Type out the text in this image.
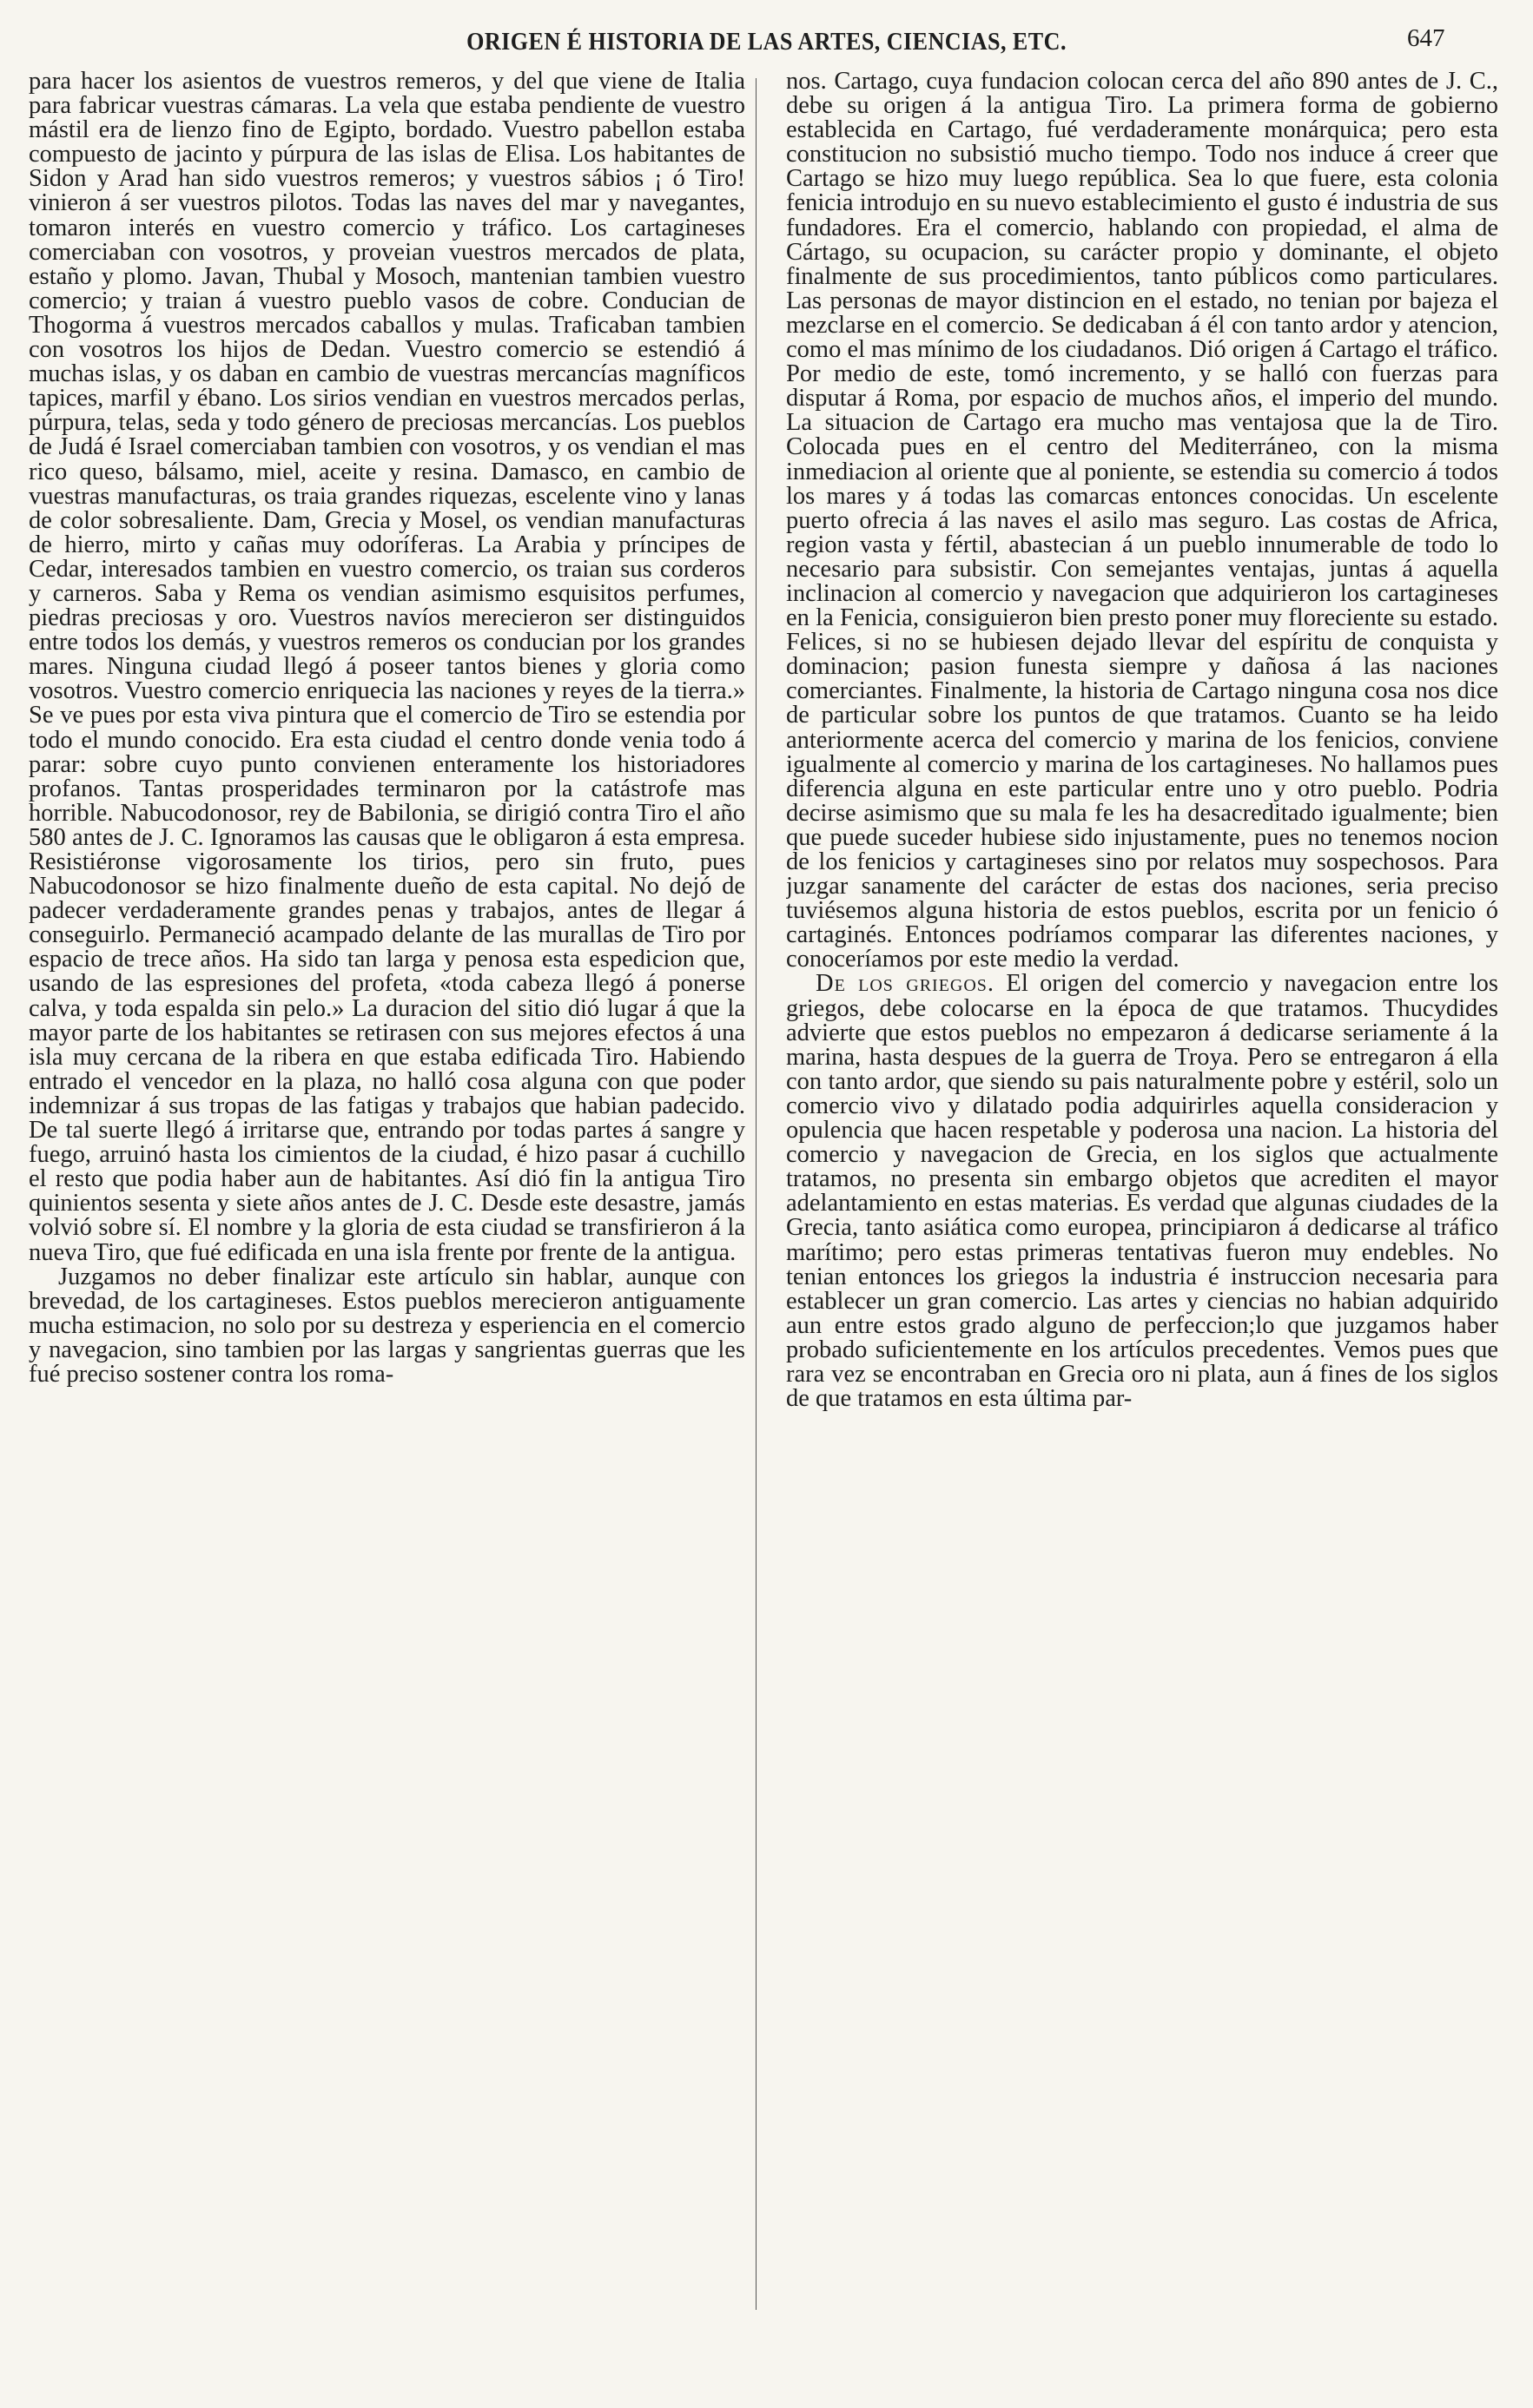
ORIGEN É HISTORIA DE LAS ARTES, CIENCIAS, ETC.	647

para hacer los asientos de vuestros remeros, y del que viene de Italia para fabricar vuestras cámaras. La vela que estaba pendiente de vuestro mástil era de lienzo fino de Egipto, bordado. Vuestro pabellon estaba compuesto de jacinto y púrpura de las islas de Elisa. Los habitantes de Sidon y Arad han sido vuestros remeros; y vuestros sábios ¡ ó Tiro! vinieron á ser vuestros pilotos. Todas las naves del mar y navegantes, tomaron interés en vuestro comercio y tráfico. Los cartagineses comerciaban con vosotros, y proveian vuestros mercados de plata, estaño y plomo. Javan, Thubal y Mosoch, mantenian tambien vuestro comercio; y traian á vuestro pueblo vasos de cobre. Conducian de Thogorma á vuestros mercados caballos y mulas. Traficaban tambien con vosotros los hijos de Dedan. Vuestro comercio se estendió á muchas islas, y os daban en cambio de vuestras mercancías magníficos tapices, marfil y ébano. Los sirios vendian en vuestros mercados perlas, púrpura, telas, seda y todo género de preciosas mercancías. Los pueblos de Judá é Israel comerciaban tambien con vosotros, y os vendian el mas rico queso, bálsamo, miel, aceite y resina. Damasco, en cambio de vuestras manufacturas, os traia grandes riquezas, escelente vino y lanas de color sobresaliente. Dam, Grecia y Mosel, os vendian manufacturas de hierro, mirto y cañas muy odoríferas. La Arabia y príncipes de Cedar, interesados tambien en vuestro comercio, os traian sus corderos y carneros. Saba y Rema os vendian asimismo esquisitos perfumes, piedras preciosas y oro. Vuestros navíos merecieron ser distinguidos entre todos los demás, y vuestros remeros os conducian por los grandes mares. Ninguna ciudad llegó á poseer tantos bienes y gloria como vosotros. Vuestro comercio enriquecia las naciones y reyes de la tierra.» Se ve pues por esta viva pintura que el comercio de Tiro se estendia por todo el mundo conocido. Era esta ciudad el centro donde venia todo á parar: sobre cuyo punto convienen enteramente los historiadores profanos. Tantas prosperidades terminaron por la catástrofe mas horrible. Nabucodonosor, rey de Babilonia, se dirigió contra Tiro el año 580 antes de J. C. Ignoramos las causas que le obligaron á esta empresa. Resistiéronse vigorosamente los tirios, pero sin fruto, pues Nabucodonosor se hizo finalmente dueño de esta capital. No dejó de padecer verdaderamente grandes penas y trabajos, antes de llegar á conseguirlo. Permaneció acampado delante de las murallas de Tiro por espacio de trece años. Ha sido tan larga y penosa esta espedicion que, usando de las espresiones del profeta, «toda cabeza llegó á ponerse calva, y toda espalda sin pelo.» La duracion del sitio dió lugar á que la mayor parte de los habitantes se retirasen con sus mejores efectos á una isla muy cercana de la ribera en que estaba edificada Tiro. Habiendo entrado el vencedor en la plaza, no halló cosa alguna con que poder indemnizar á sus tropas de las fatigas y trabajos que habian padecido. De tal suerte llegó á irritarse que, entrando por todas partes á sangre y fuego, arruinó hasta los cimientos de la ciudad, é hizo pasar á cuchillo el resto que podia haber aun de habitantes. Así dió fin la antigua Tiro quinientos sesenta y siete años antes de J. C. Desde este desastre, jamás volvió sobre sí. El nombre y la gloria de esta ciudad se transfirieron á la nueva Tiro, que fué edificada en una isla frente por frente de la antigua.

Juzgamos no deber finalizar este artículo sin hablar, aunque con brevedad, de los cartagineses. Estos pueblos merecieron antiguamente mucha estimacion, no solo por su destreza y esperiencia en el comercio y navegacion, sino tambien por las largas y sangrientas guerras que les fué preciso sostener contra los roma-

nos. Cartago, cuya fundacion colocan cerca del año 890 antes de J. C., debe su origen á la antigua Tiro. La primera forma de gobierno establecida en Cartago, fué verdaderamente monárquica; pero esta constitucion no subsistió mucho tiempo. Todo nos induce á creer que Cartago se hizo muy luego república. Sea lo que fuere, esta colonia fenicia introdujo en su nuevo establecimiento el gusto é industria de sus fundadores. Era el comercio, hablando con propiedad, el alma de Cártago, su ocupacion, su carácter propio y dominante, el objeto finalmente de sus procedimientos, tanto públicos como particulares. Las personas de mayor distincion en el estado, no tenian por bajeza el mezclarse en el comercio. Se dedicaban á él con tanto ardor y atencion, como el mas mínimo de los ciudadanos. Dió origen á Cartago el tráfico. Por medio de este, tomó incremento, y se halló con fuerzas para disputar á Roma, por espacio de muchos años, el imperio del mundo. La situacion de Cartago era mucho mas ventajosa que la de Tiro. Colocada pues en el centro del Mediterráneo, con la misma inmediacion al oriente que al poniente, se estendia su comercio á todos los mares y á todas las comarcas entonces conocidas. Un escelente puerto ofrecia á las naves el asilo mas seguro. Las costas de Africa, region vasta y fértil, abastecian á un pueblo innumerable de todo lo necesario para subsistir. Con semejantes ventajas, juntas á aquella inclinacion al comercio y navegacion que adquirieron los cartagineses en la Fenicia, consiguieron bien presto poner muy floreciente su estado. Felices, si no se hubiesen dejado llevar del espíritu de conquista y dominacion; pasion funesta siempre y dañosa á las naciones comerciantes. Finalmente, la historia de Cartago ninguna cosa nos dice de particular sobre los puntos de que tratamos. Cuanto se ha leido anteriormente acerca del comercio y marina de los fenicios, conviene igualmente al comercio y marina de los cartagineses. No hallamos pues diferencia alguna en este particular entre uno y otro pueblo. Podria decirse asimismo que su mala fe les ha desacreditado igualmente; bien que puede suceder hubiese sido injustamente, pues no tenemos nocion de los fenicios y cartagineses sino por relatos muy sospechosos. Para juzgar sanamente del carácter de estas dos naciones, seria preciso tuviésemos alguna historia de estos pueblos, escrita por un fenicio ó cartaginés. Entonces podríamos comparar las diferentes naciones, y conoceríamos por este medio la verdad.

De los griegos. El origen del comercio y navegacion entre los griegos, debe colocarse en la época de que tratamos. Thucydides advierte que estos pueblos no empezaron á dedicarse seriamente á la marina, hasta despues de la guerra de Troya. Pero se entregaron á ella con tanto ardor, que siendo su pais naturalmente pobre y estéril, solo un comercio vivo y dilatado podia adquirirles aquella consideracion y opulencia que hacen respetable y poderosa una nacion. La historia del comercio y navegacion de Grecia, en los siglos que actualmente tratamos, no presenta sin embargo objetos que acrediten el mayor adelantamiento en estas materias. Es verdad que algunas ciudades de la Grecia, tanto asiática como europea, principiaron á dedicarse al tráfico marítimo; pero estas primeras tentativas fueron muy endebles. No tenian entonces los griegos la industria é instruccion necesaria para establecer un gran comercio. Las artes y ciencias no habian adquirido aun entre estos grado alguno de perfeccion;lo que juzgamos haber probado suficientemente en los artículos precedentes. Vemos pues que rara vez se encontraban en Grecia oro ni plata, aun á fines de los siglos de que tratamos en esta última par-
